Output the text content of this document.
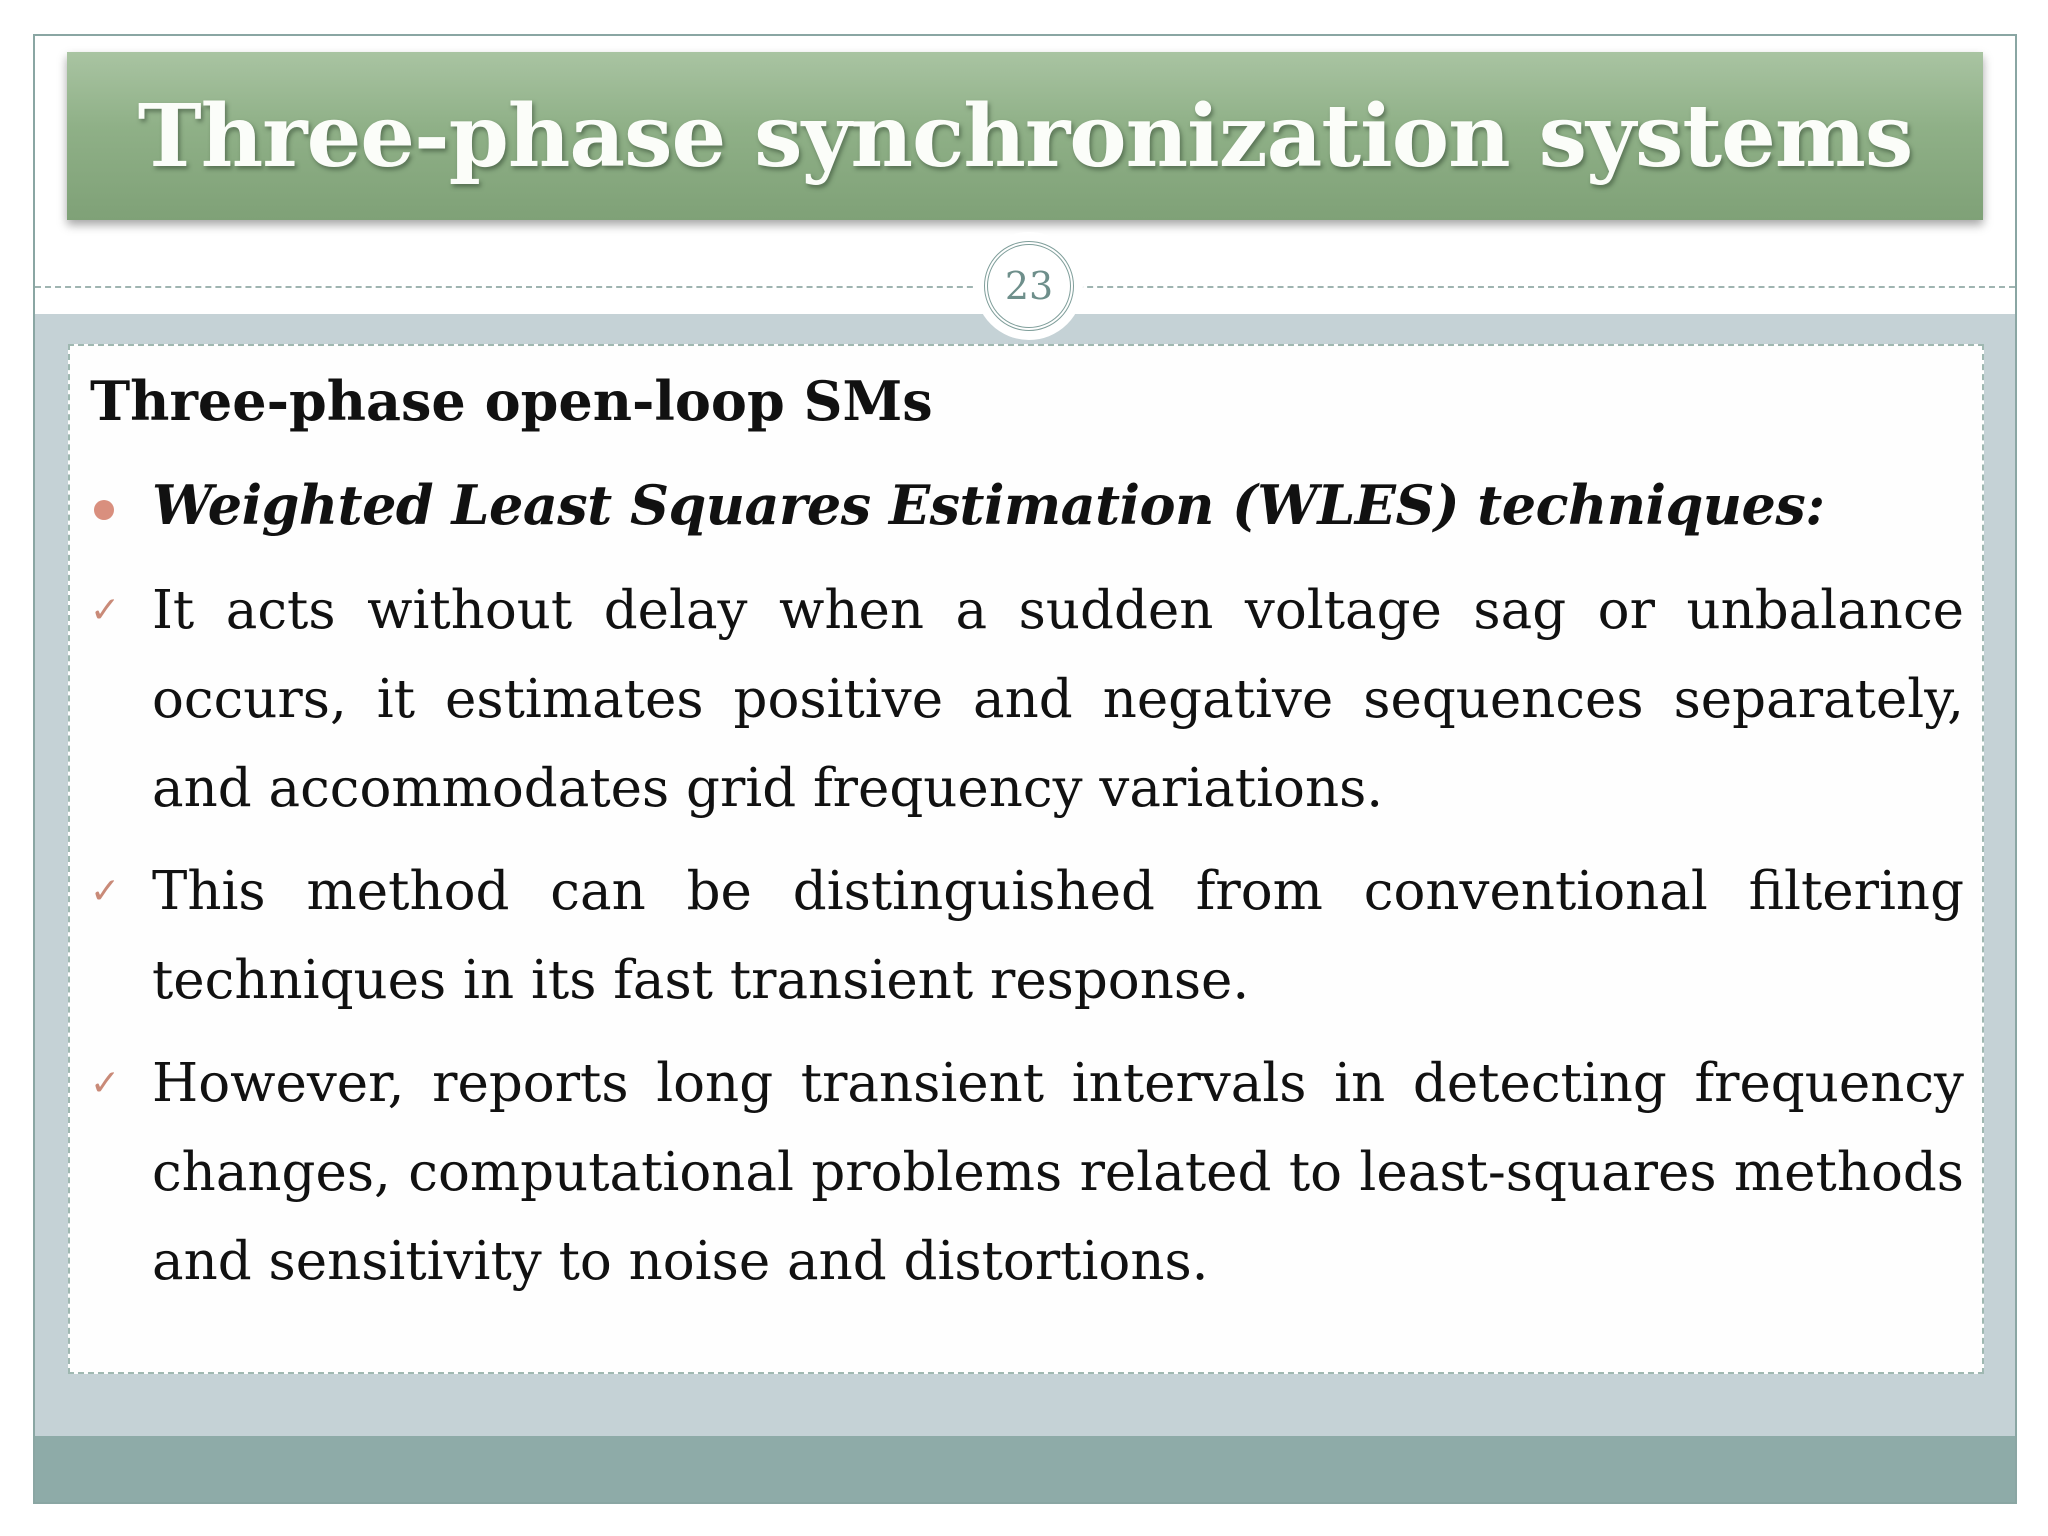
Three-phase synchronization systems
23
Three-phase open-loop SMs
Weighted Least Squares Estimation (WLES) techniques:
✓ It acts without delay when a sudden voltage sag or unbalance occurs, it estimates positive and negative sequences separately, and accommodates grid frequency variations.
✓ This method can be distinguished from conventional filtering techniques in its fast transient response.
✓ However, reports long transient intervals in detecting frequency changes, computational problems related to least-squares methods and sensitivity to noise and distortions.
